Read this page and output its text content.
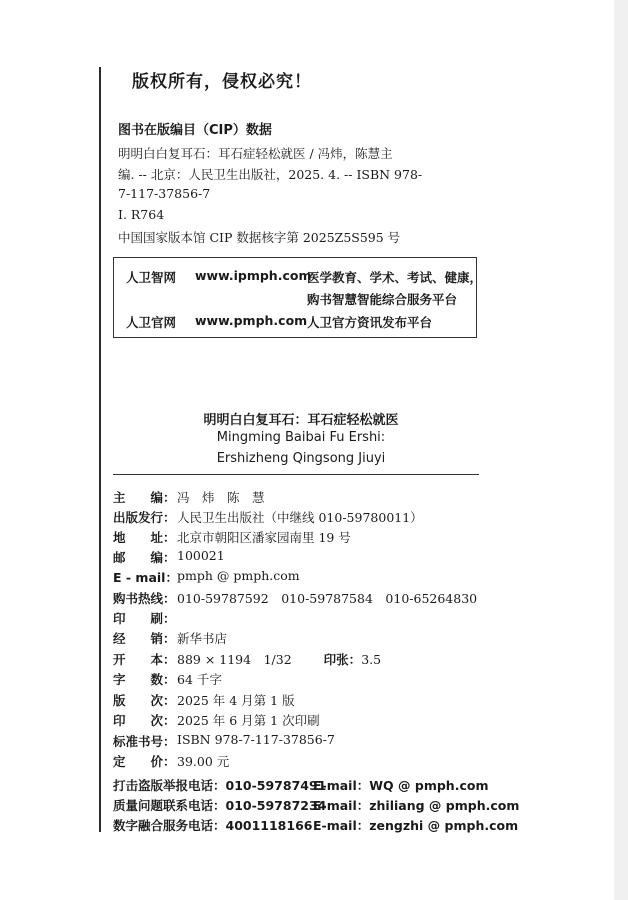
版权所有，侵权必究！
图书在版编目（CIP）数据
明明白白复耳石：耳石症轻松就医 / 冯炜，陈慧主
编. -- 北京：人民卫生出版社，2025. 4. -- ISBN 978-
7-117-37856-7
Ⅰ. R764
中国国家版本馆 CIP 数据核字第 2025Z5S595 号
人卫智网 www.ipmph.com
医学教育、学术、考试、健康，
购书智慧智能综合服务平台
人卫官网 www.pmph.com 人卫官方资讯发布平台
明明白白复耳石：耳石症轻松就医
Mingming Baibai Fu Ershi:
Ershizheng Qingsong Jiuyi
主　　编： 冯　炜　陈　慧
出版发行： 人民卫生出版社（中继线 010-59780011）
地　　址： 北京市朝阳区潘家园南里 19 号
邮　　编： 100021
E - mail： pmph @ pmph.com
购书热线： 010-59787592　010-59787584　010-65264830
印　　刷：
经　　销： 新华书店
开　　本： 889 × 1194　1/32	印张：3.5
字　　数： 64 千字
版　　次： 2025 年 4 月第 1 版
印　　次： 2025 年 6 月第 1 次印刷
标准书号： ISBN 978-7-117-37856-7
定　　价： 39.00 元
打击盗版举报电话：010-59787491
E-mail：WQ @ pmph.com
质量问题联系电话：010-59787234
E-mail：zhiliang @ pmph.com
数字融合服务电话：4001118166 E-mail：zengzhi @ pmph.com
